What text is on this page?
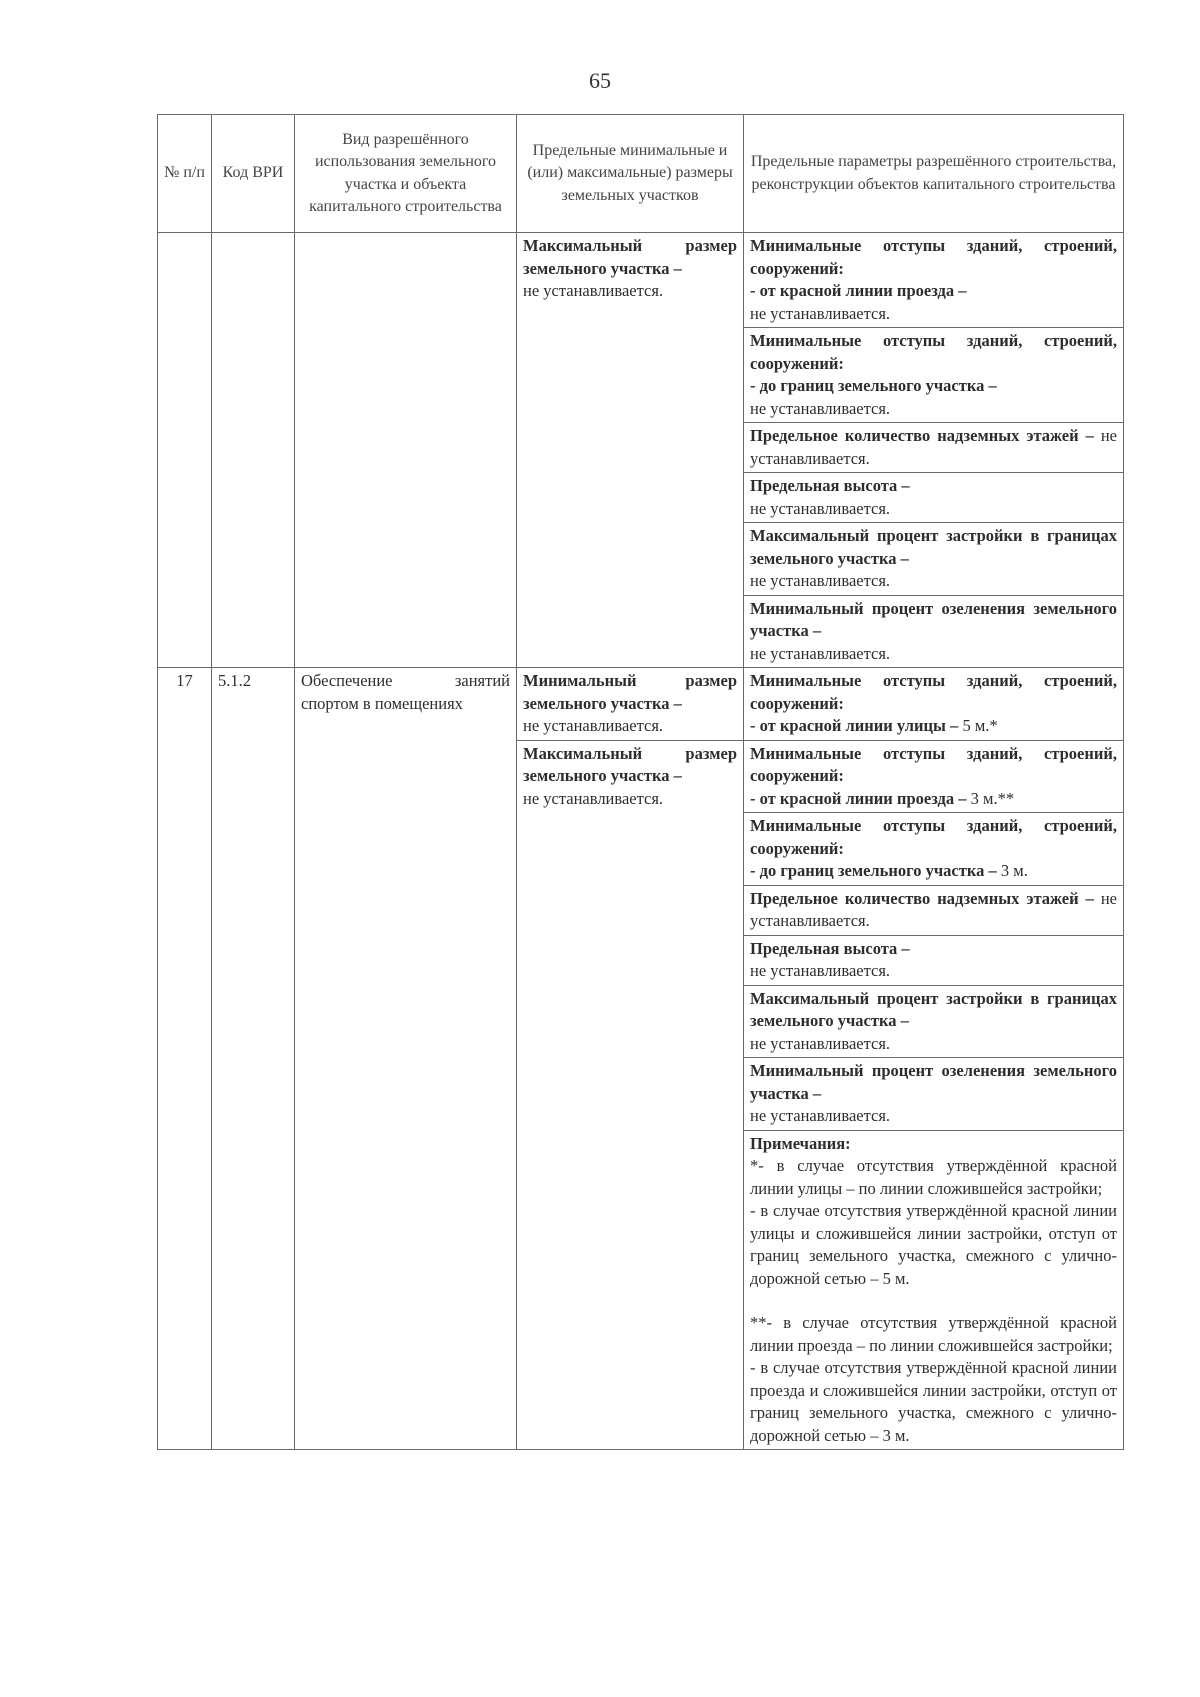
65
№ п/п	Код ВРИ	Вид разрешённого использования земельного участка и объекта капитального строительства	Предельные минимальные и (или) максимальные) размеры земельных участков	Предельные параметры разрешённого строительства, реконструкции объектов капитального строительства
			Максимальный размер земельного участка –
не устанавливается.	Минимальные отступы зданий, строений, сооружений:
- от красной линии проезда –
не устанавливается.
				Минимальные отступы зданий, строений, сооружений:
- до границ земельного участка –
не устанавливается.
				Предельное количество надземных этажей – не устанавливается.
				Предельная высота –
не устанавливается.
				Максимальный процент застройки в границах земельного участка –
не устанавливается.
				Минимальный процент озеленения земельного участка –
не устанавливается.
17	5.1.2	Обеспечение занятий спортом в помещениях	Минимальный размер земельного участка –
не устанавливается.	Минимальные отступы зданий, строений, сооружений:
- от красной линии улицы – 5 м.*
			Максимальный размер земельного участка –
не устанавливается.	Минимальные отступы зданий, строений, сооружений:
- от красной линии проезда – 3 м.**
				Минимальные отступы зданий, строений, сооружений:
- до границ земельного участка – 3 м.
				Предельное количество надземных этажей – не устанавливается.
				Предельная высота –
не устанавливается.
				Максимальный процент застройки в границах земельного участка –
не устанавливается.
				Минимальный процент озеленения земельного участка –
не устанавливается.
				Примечания:

*- в случае отсутствия утверждённой красной линии улицы – по линии сложившейся застройки;
- в случае отсутствия утверждённой красной линии улицы и сложившейся линии застройки, отступ от границ земельного участка, смежного с улично-дорожной сетью – 5 м.
**- в случае отсутствия утверждённой красной линии проезда – по линии сложившейся застройки;
- в случае отсутствия утверждённой красной линии проезда и сложившейся линии застройки, отступ от границ земельного участка, смежного с улично-дорожной сетью – 3 м.
